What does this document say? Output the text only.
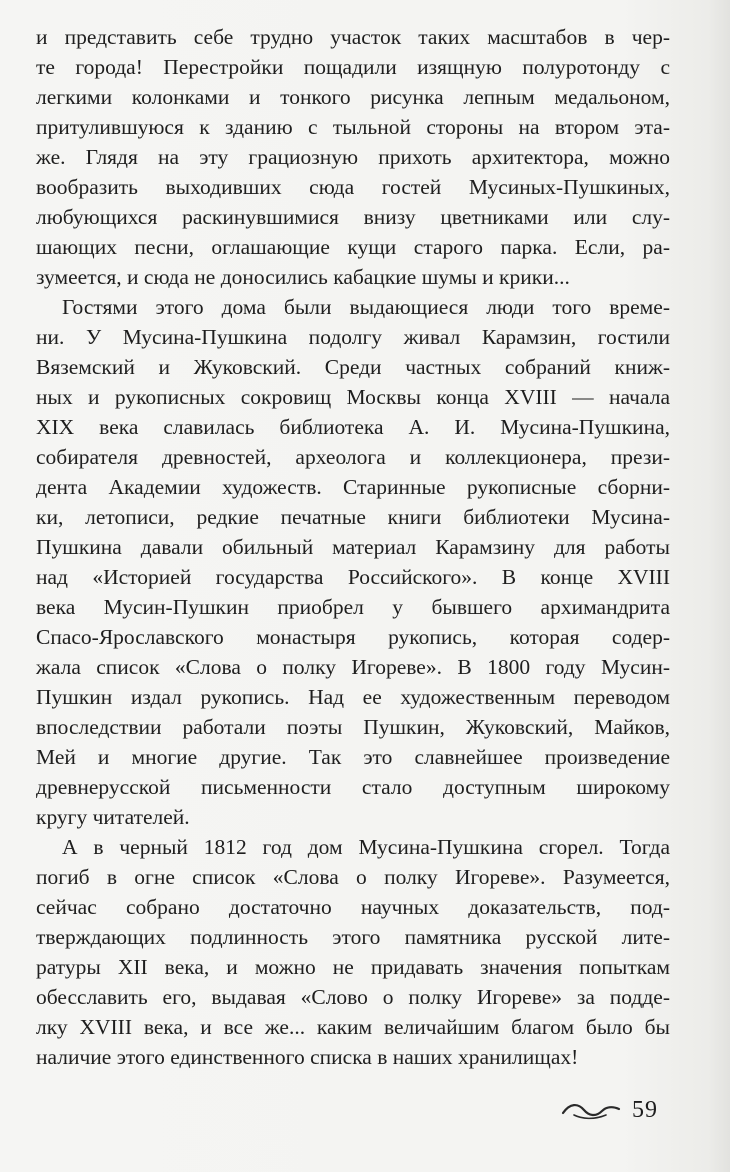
и представить себе трудно участок таких масштабов в чер-
те города! Перестройки пощадили изящную полуротонду с
легкими колонками и тонкого рисунка лепным медальоном,
притулившуюся к зданию с тыльной стороны на втором эта-
же. Глядя на эту грациозную прихоть архитектора, можно
вообразить выходивших сюда гостей Мусиных-Пушкиных,
любующихся раскинувшимися внизу цветниками или слу-
шающих песни, оглашающие кущи старого парка. Если, ра-
зумеется, и сюда не доносились кабацкие шумы и крики...
Гостями этого дома были выдающиеся люди того време-
ни. У Мусина-Пушкина подолгу живал Карамзин, гостили
Вяземский и Жуковский. Среди частных собраний книж-
ных и рукописных сокровищ Москвы конца XVIII — начала
XIX века славилась библиотека А. И. Мусина-Пушкина,
собирателя древностей, археолога и коллекционера, прези-
дента Академии художеств. Старинные рукописные сборни-
ки, летописи, редкие печатные книги библиотеки Мусина-
Пушкина давали обильный материал Карамзину для работы
над «Историей государства Российского». В конце XVIII
века Мусин-Пушкин приобрел у бывшего архимандрита
Спасо-Ярославского монастыря рукопись, которая содер-
жала список «Слова о полку Игореве». В 1800 году Мусин-
Пушкин издал рукопись. Над ее художественным переводом
впоследствии работали поэты Пушкин, Жуковский, Майков,
Мей и многие другие. Так это славнейшее произведение
древнерусской письменности стало доступным широкому
кругу читателей.
А в черный 1812 год дом Мусина-Пушкина сгорел. Тогда
погиб в огне список «Слова о полку Игореве». Разумеется,
сейчас собрано достаточно научных доказательств, под-
тверждающих подлинность этого памятника русской лите-
ратуры XII века, и можно не придавать значения попыткам
обесславить его, выдавая «Слово о полку Игореве» за подде-
лку XVIII века, и все же... каким величайшим благом было бы
наличие этого единственного списка в наших хранилищах!
59
